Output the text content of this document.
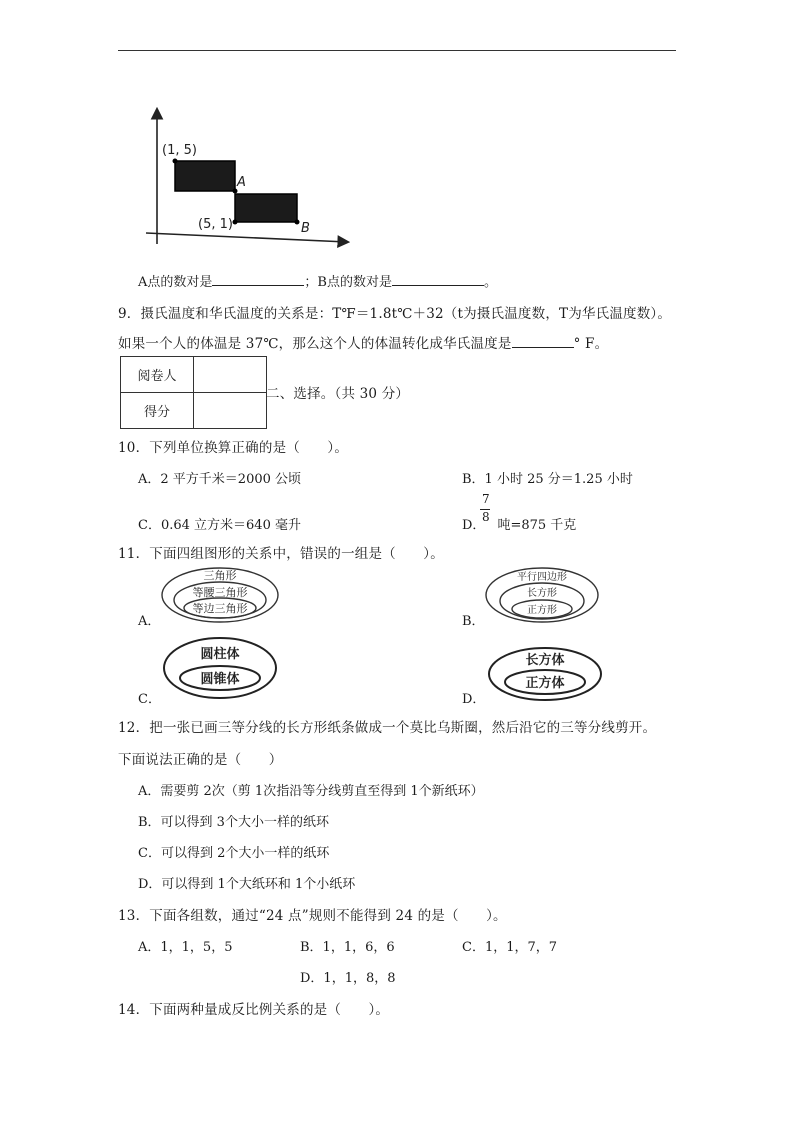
(1, 5)
A
(5, 1)	B
A点的数对是	；B点的数对是	。
9．摄氏温度和华氏温度的关系是：T℉＝1.8t℃＋32（t为摄氏温度数，T为华氏温度数）。
如果一个人的体温是 37℃，那么这个人的体温转化成华氏温度是	° F。
阅卷人	
得分	
二、选择。（共 30 分）
10．下列单位换算正确的是（　　）。
A．2 平方千米＝2000 公顷	B．1 小时 25 分＝1.25 小时
C．0.64 立方米＝640 毫升	D． 吨=875 千克
7
8
11．下面四组图形的关系中，错误的一组是（　　）。
A．
三角形
等腰三角形
等边三角形
B．
平行四边形
长方形
正方形
C．
圆柱体
圆锥体
D．
长方体
正方体
12．把一张已画三等分线的长方形纸条做成一个莫比乌斯圈，然后沿它的三等分线剪开。
下面说法正确的是（　　）
A．需要剪 2次（剪 1次指沿等分线剪直至得到 1个新纸环）
B．可以得到 3个大小一样的纸环
C．可以得到 2个大小一样的纸环
D．可以得到 1个大纸环和 1个小纸环
13．下面各组数，通过“24 点”规则不能得到 24 的是（　　）。
A．1，1，5，5	B．1，1，6，6	C．1，1，7，7
D．1，1，8，8
14．下面两种量成反比例关系的是（　　）。
